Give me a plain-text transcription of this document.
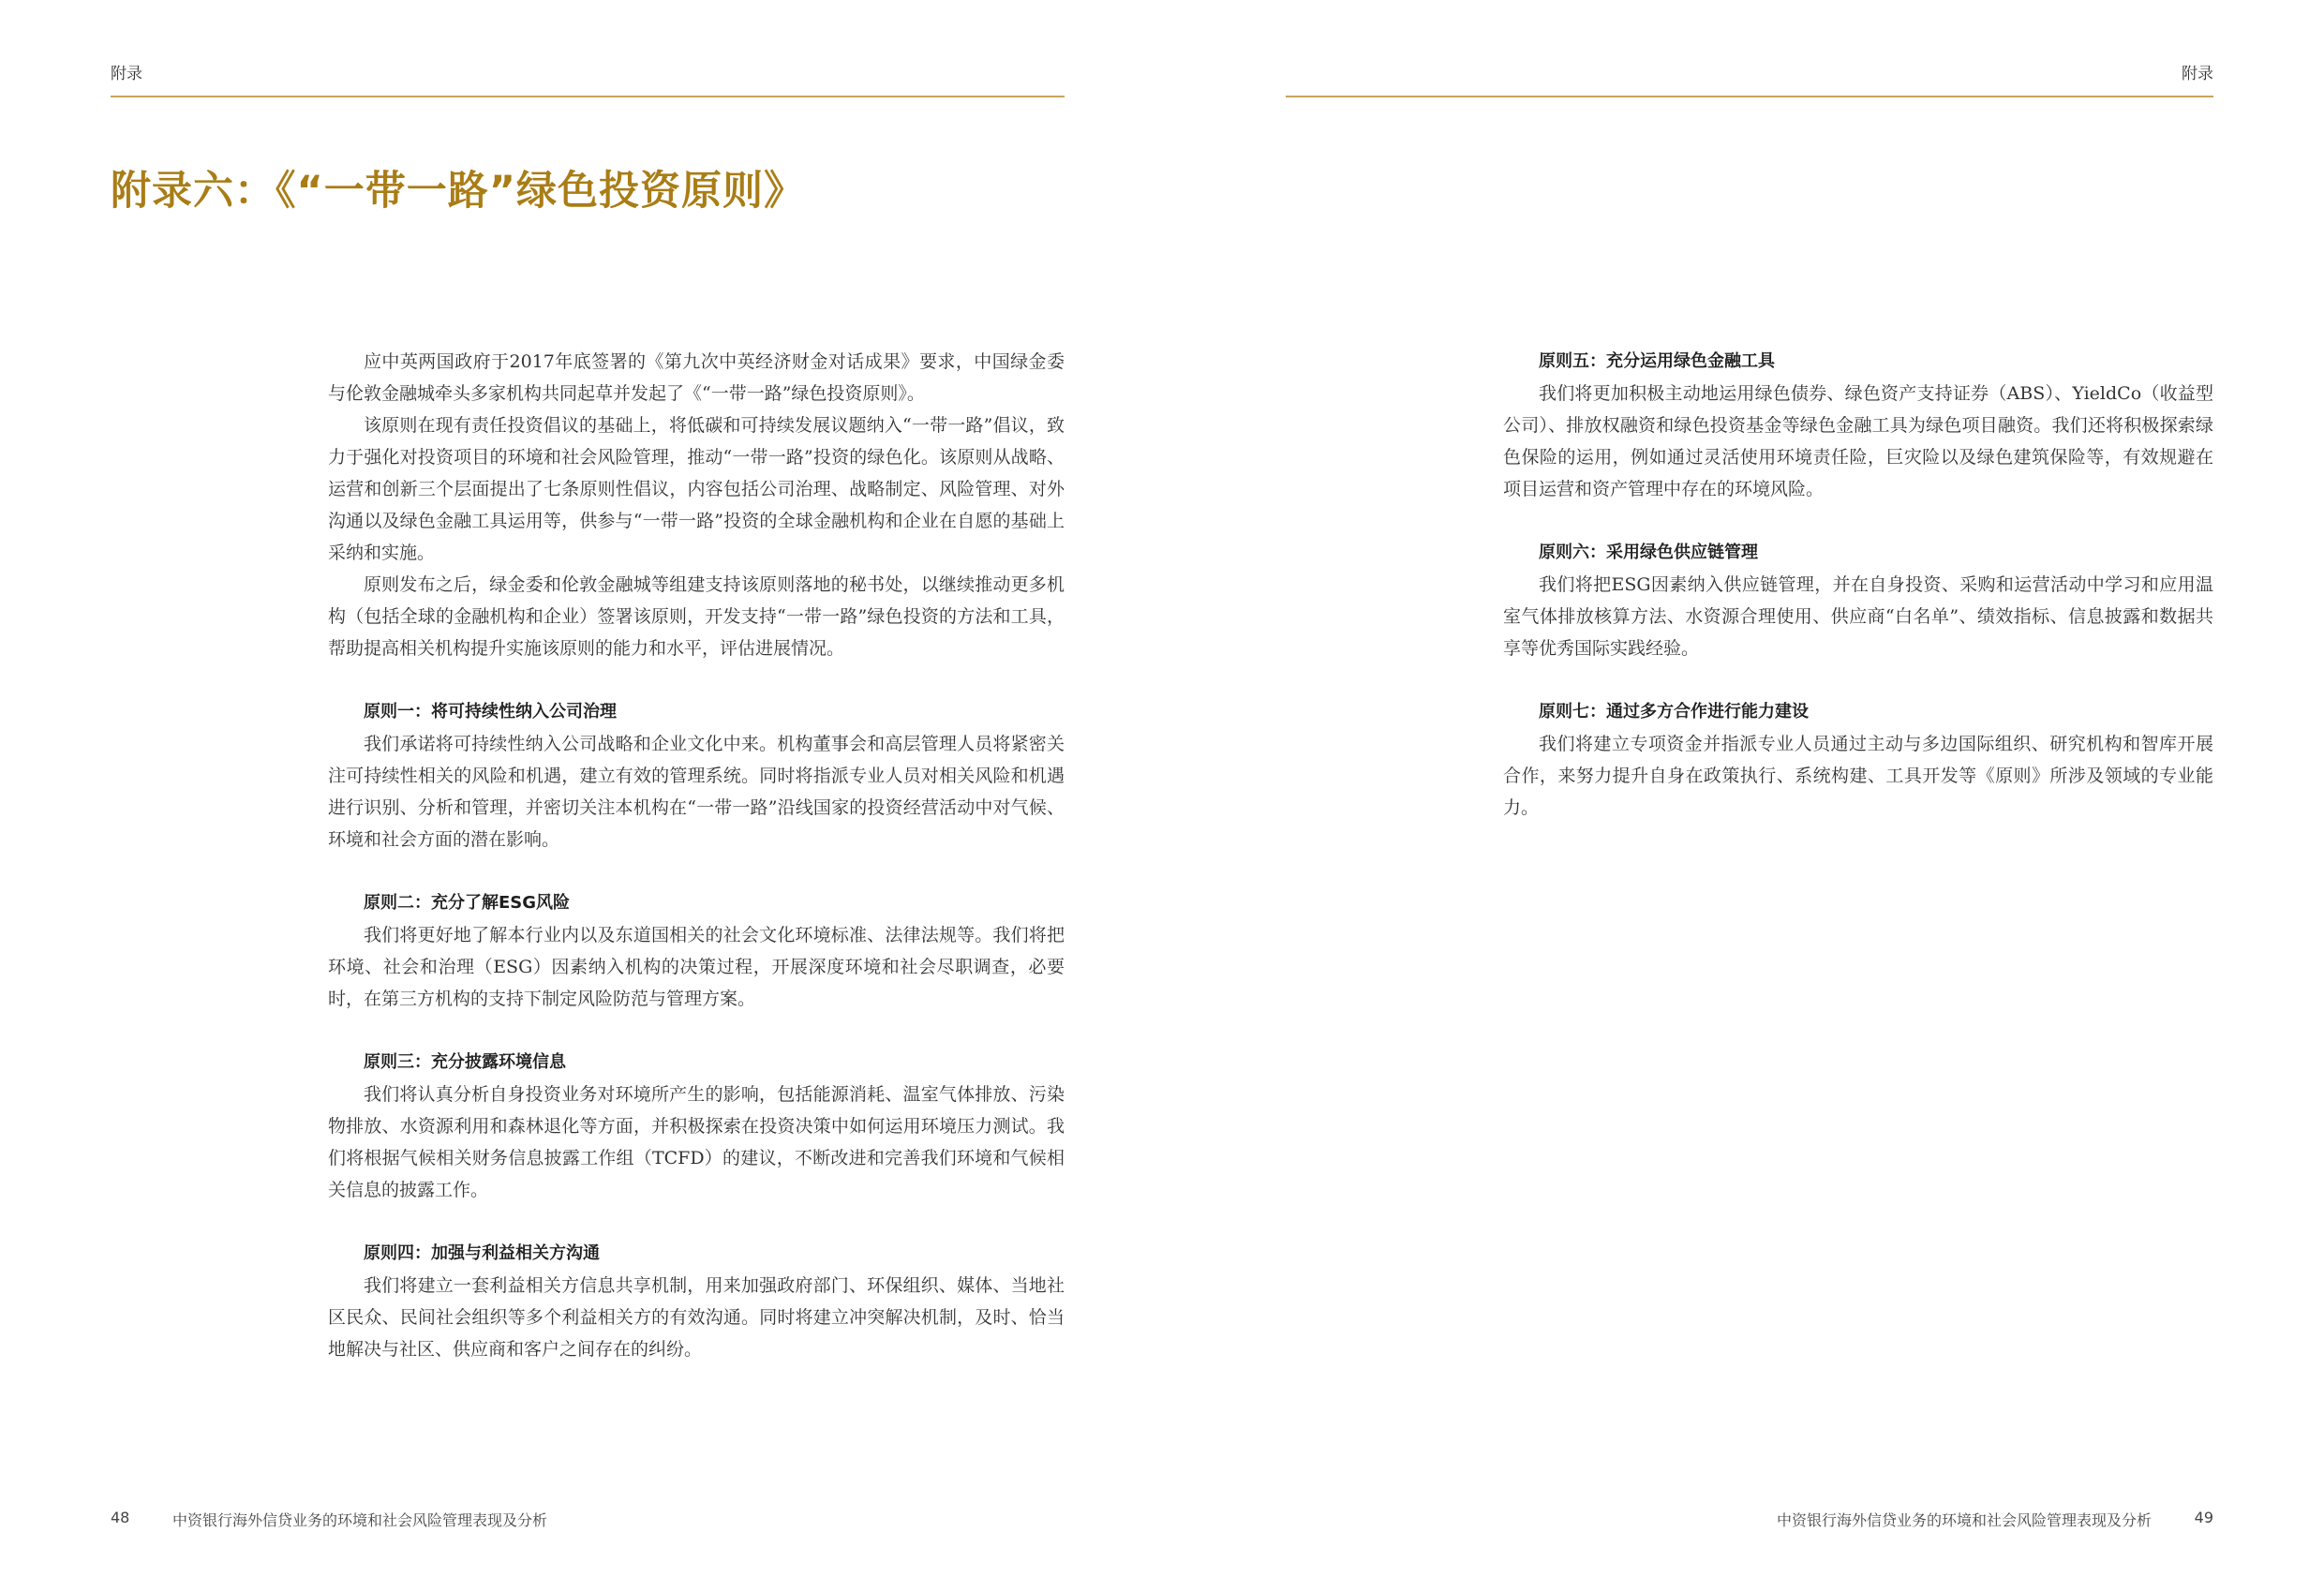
附录
附录六：《“一带一路”绿色投资原则》

应中英两国政府于2017年底签署的《第九次中英经济财金对话成果》要求，中国绿金委与伦敦金融城牵头多家机构共同起草并发起了《“一带一路”绿色投资原则》。

该原则在现有责任投资倡议的基础上，将低碳和可持续发展议题纳入“一带一路”倡议，致力于强化对投资项目的环境和社会风险管理，推动“一带一路”投资的绿色化。该原则从战略、运营和创新三个层面提出了七条原则性倡议，内容包括公司治理、战略制定、风险管理、对外沟通以及绿色金融工具运用等，供参与“一带一路”投资的全球金融机构和企业在自愿的基础上采纳和实施。

原则发布之后，绿金委和伦敦金融城等组建支持该原则落地的秘书处，以继续推动更多机构（包括全球的金融机构和企业）签署该原则，开发支持“一带一路”绿色投资的方法和工具，帮助提高相关机构提升实施该原则的能力和水平，评估进展情况。

原则一：将可持续性纳入公司治理

我们承诺将可持续性纳入公司战略和企业文化中来。机构董事会和高层管理人员将紧密关注可持续性相关的风险和机遇，建立有效的管理系统。同时将指派专业人员对相关风险和机遇进行识别、分析和管理，并密切关注本机构在“一带一路”沿线国家的投资经营活动中对气候、环境和社会方面的潜在影响。

原则二：充分了解ESG风险

我们将更好地了解本行业内以及东道国相关的社会文化环境标准、法律法规等。我们将把环境、社会和治理（ESG）因素纳入机构的决策过程，开展深度环境和社会尽职调查，必要时，在第三方机构的支持下制定风险防范与管理方案。

原则三：充分披露环境信息

我们将认真分析自身投资业务对环境所产生的影响，包括能源消耗、温室气体排放、污染物排放、水资源利用和森林退化等方面，并积极探索在投资决策中如何运用环境压力测试。我们将根据气候相关财务信息披露工作组（TCFD）的建议，不断改进和完善我们环境和气候相关信息的披露工作。

原则四：加强与利益相关方沟通

我们将建立一套利益相关方信息共享机制，用来加强政府部门、环保组织、媒体、当地社区民众、民间社会组织等多个利益相关方的有效沟通。同时将建立冲突解决机制，及时、恰当地解决与社区、供应商和客户之间存在的纠纷。

48	中资银行海外信贷业务的环境和社会风险管理表现及分析
附录
原则五：充分运用绿色金融工具

我们将更加积极主动地运用绿色债券、绿色资产支持证券（ABS）、YieldCo（收益型公司）、排放权融资和绿色投资基金等绿色金融工具为绿色项目融资。我们还将积极探索绿色保险的运用，例如通过灵活使用环境责任险，巨灾险以及绿色建筑保险等，有效规避在项目运营和资产管理中存在的环境风险。

原则六：采用绿色供应链管理

我们将把ESG因素纳入供应链管理，并在自身投资、采购和运营活动中学习和应用温室气体排放核算方法、水资源合理使用、供应商“白名单”、绩效指标、信息披露和数据共享等优秀国际实践经验。

原则七：通过多方合作进行能力建设

我们将建立专项资金并指派专业人员通过主动与多边国际组织、研究机构和智库开展合作，来努力提升自身在政策执行、系统构建、工具开发等《原则》所涉及领域的专业能力。

中资银行海外信贷业务的环境和社会风险管理表现及分析	49
